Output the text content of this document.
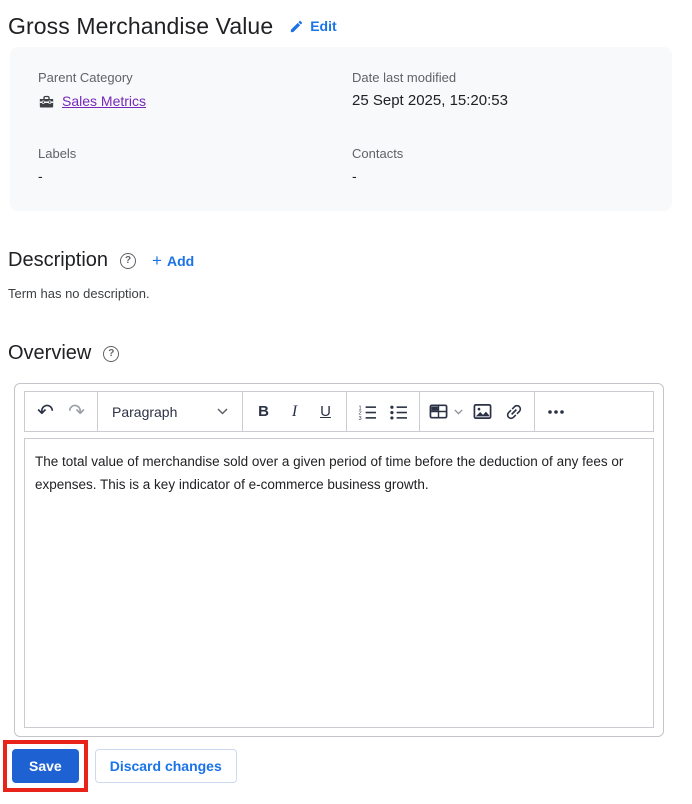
Gross Merchandise Value	Edit
Parent Category
Sales Metrics
Date last modified
25 Sept 2025, 15:20:53
Labels
-
Contacts
-
Description	? + Add

Term has no description.

Overview	?
↶ ↷ Paragraph	B I U	1
2
3

The total value of merchandise sold over a given period of time before the deduction of any fees or expenses. This is a key indicator of e-commerce business growth.

Save	Discard changes
